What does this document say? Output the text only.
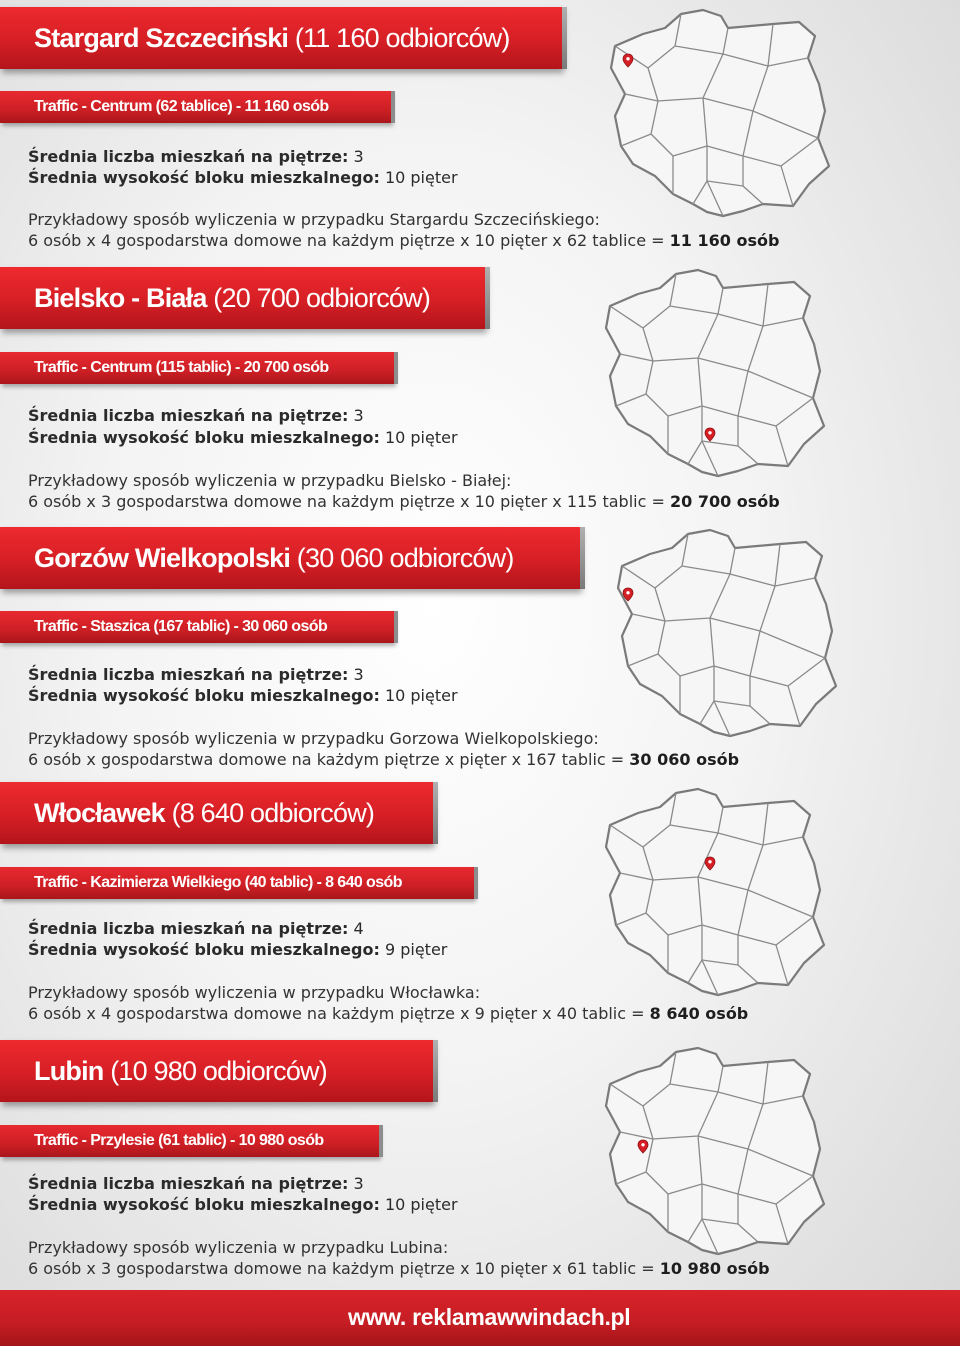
Stargard Szczeciński
(11 160 odbiorców)
Traffic - Centrum (62 tablice) - 11 160 osób
Średnia liczba mieszkań na piętrze: 3
Średnia wysokość bloku mieszkalnego: 10 pięter
Przykładowy sposób wyliczenia w przypadku Stargardu Szczecińskiego:
6 osób x 4 gospodarstwa domowe na każdym piętrze x 10 pięter x 62 tablice = 11 160 osób
Bielsko - Biała
(20 700 odbiorców)
Traffic - Centrum (115 tablic) - 20 700 osób
Średnia liczba mieszkań na piętrze: 3
Średnia wysokość bloku mieszkalnego: 10 pięter
Przykładowy sposób wyliczenia w przypadku Bielsko - Białej:
6 osób x 3 gospodarstwa domowe na każdym piętrze x 10 pięter x 115 tablic = 20 700 osób
Gorzów Wielkopolski
(30 060 odbiorców)
Traffic - Staszica (167 tablic) - 30 060 osób
Średnia liczba mieszkań na piętrze: 3
Średnia wysokość bloku mieszkalnego: 10 pięter
Przykładowy sposób wyliczenia w przypadku Gorzowa Wielkopolskiego:
6 osób x gospodarstwa domowe na każdym piętrze x pięter x 167 tablic = 30 060 osób
Włocławek
(8 640 odbiorców)
Traffic - Kazimierza Wielkiego (40 tablic) - 8 640 osób
Średnia liczba mieszkań na piętrze: 4
Średnia wysokość bloku mieszkalnego: 9 pięter
Przykładowy sposób wyliczenia w przypadku Włocławka:
6 osób x 4 gospodarstwa domowe na każdym piętrze x 9 pięter x 40 tablic = 8 640 osób
Lubin
(10 980 odbiorców)
Traffic - Przylesie (61 tablic) - 10 980 osób
Średnia liczba mieszkań na piętrze: 3
Średnia wysokość bloku mieszkalnego: 10 pięter
Przykładowy sposób wyliczenia w przypadku Lubina:
6 osób x 3 gospodarstwa domowe na każdym piętrze x 10 pięter x 61 tablic = 10 980 osób
www. reklamawwindach.pl
